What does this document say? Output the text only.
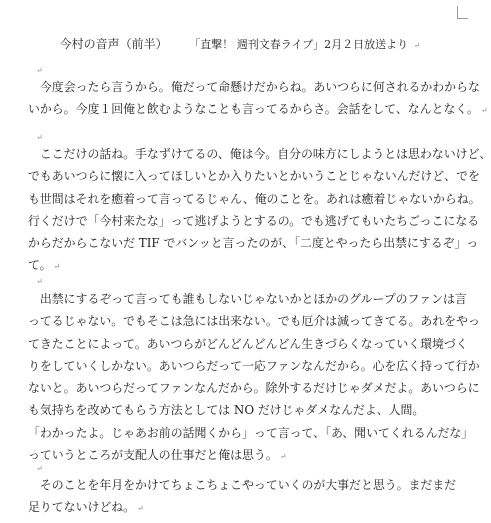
今村の音声（前半） 「直撃！ 週刊文春ライブ」2月２日放送より ↵
↵
　今度会ったら言うから。俺だって命懸けだからね。あいつらに何されるかわからな
いから。今度１回俺と飲むようなことも言ってるからさ。会話をして、なんとなく。 ↵
↵
　ここだけの話ね。手なずけてるの、俺は今。自分の味方にしようとは思わないけど、
でもあいつらに懐に入ってほしいとか入りたいとかいうことじゃないんだけど、でを
も世間はそれを癒着って言ってるじゃん、俺のことを。あれは癒着じゃないからね。
行くだけで「今村来たな」って逃げようとするの。でも逃げてもいたちごっこになる
からだからこないだ TIF でバンッと言ったのが、「二度とやったら出禁にするぞ」っ
て。 ↵
↵
　出禁にするぞって言っても誰もしないじゃないかとほかのグループのファンは言
ってるじゃない。でもそこは急には出来ない。でも厄介は減ってきてる。あれをやっ
てきたことによって。あいつらがどんどんどんどん生きづらくなっていく環境づく
りをしていくしかない。あいつらだって一応ファンなんだから。心を広く持って行か
ないと。あいつらだってファンなんだから。除外するだけじゃダメだよ。あいつらに
も気持ちを改めてもらう方法としては NO だけじゃダメなんだよ、人間。
「わかったよ。じゃあお前の話聞くから」って言って、「あ、聞いてくれるんだな」
っていうところが支配人の仕事だと俺は思う。 ↵
↵
　そのことを年月をかけてちょこちょこやっていくのが大事だと思う。まだまだ
足りてないけどね。 ↵
